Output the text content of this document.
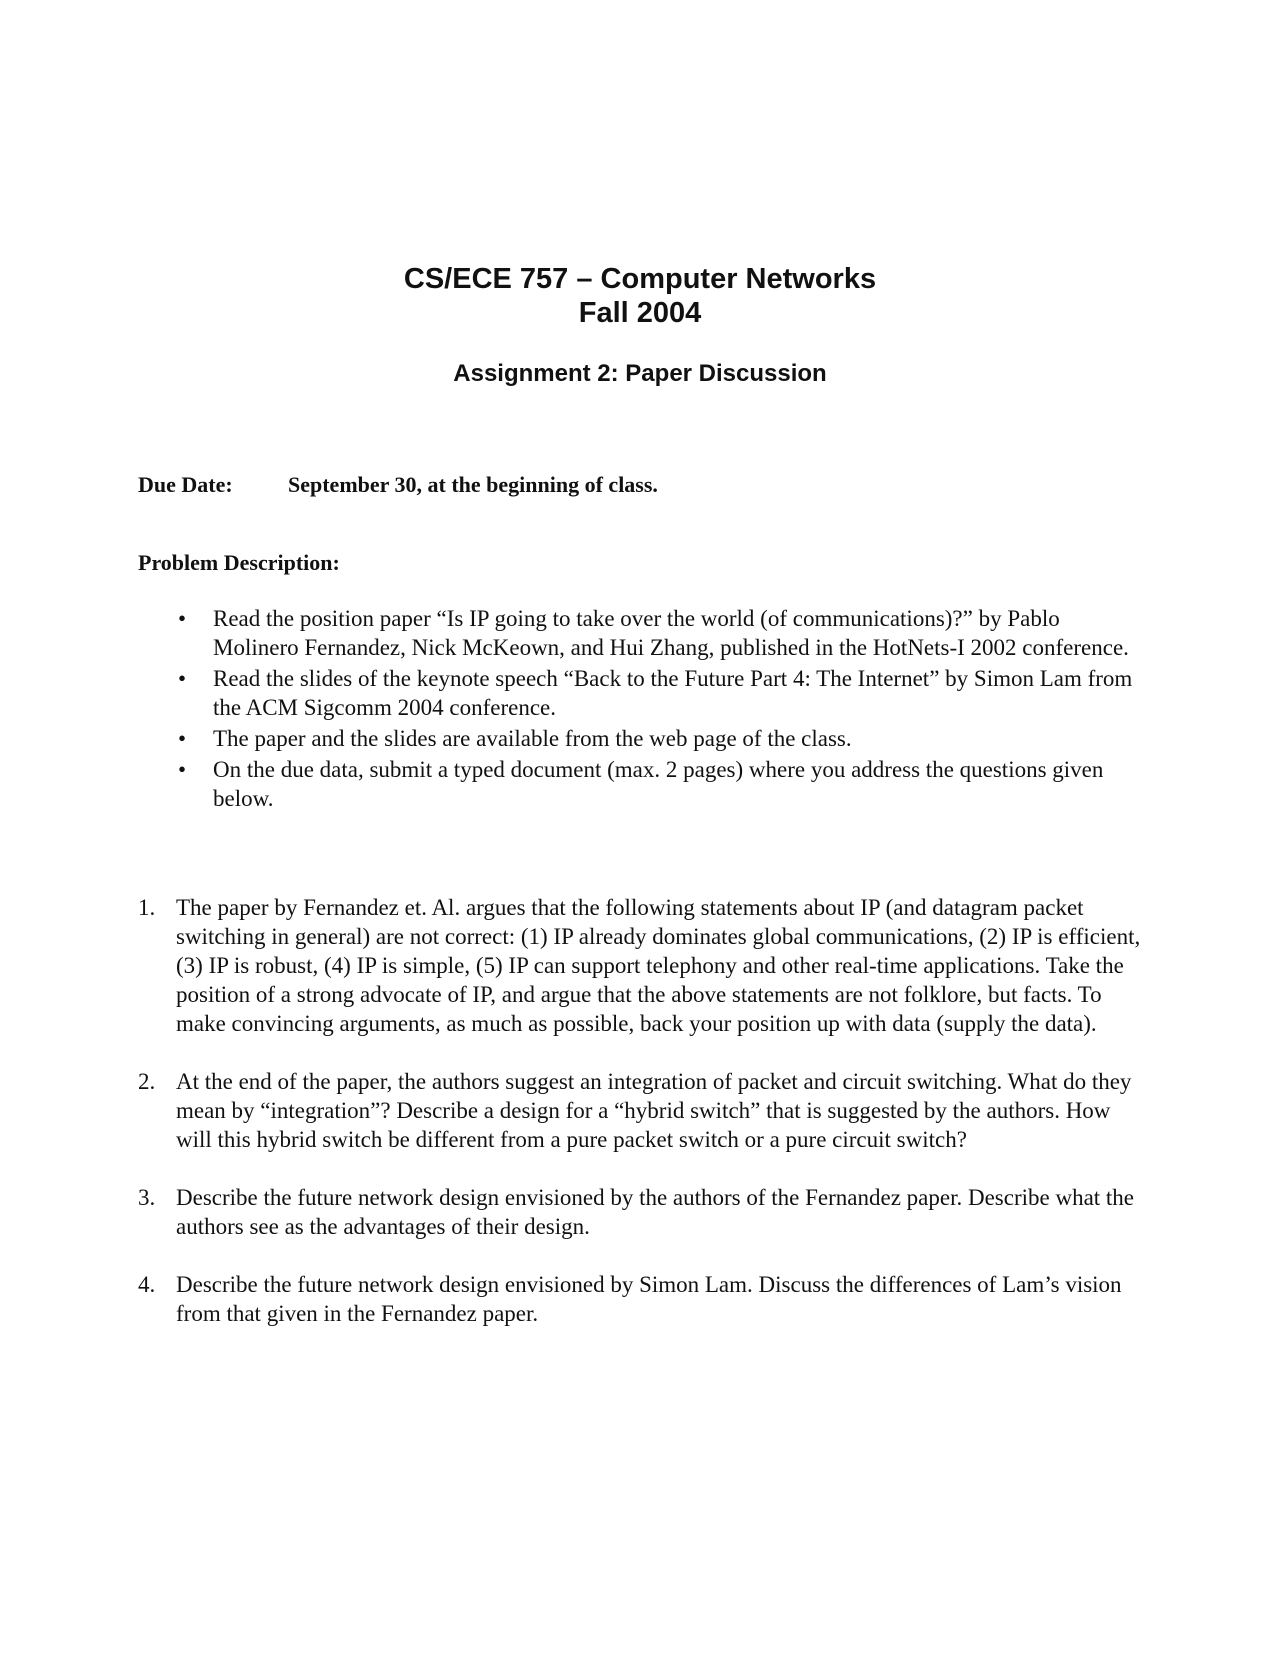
CS/ECE 757 – Computer Networks
Fall 2004
Assignment 2: Paper Discussion
Due Date:	September 30, at the beginning of class.
Problem Description:
• Read the position paper “Is IP going to take over the world (of communications)?” by Pablo Molinero Fernandez, Nick McKeown, and Hui Zhang, published in the HotNets-I 2002 conference.
• Read the slides of the keynote speech “Back to the Future Part 4: The Internet” by Simon Lam from the ACM Sigcomm 2004 conference.
• The paper and the slides are available from the web page of the class.
• On the due data, submit a typed document (max. 2 pages) where you address the questions given below.
1. The paper by Fernandez et. Al. argues that the following statements about IP (and datagram packet switching in general) are not correct: (1) IP already dominates global communications, (2) IP is efficient, (3) IP is robust, (4) IP is simple, (5) IP can support telephony and other real-time applications. Take the position of a strong advocate of IP, and argue that the above statements are not folklore, but facts. To make convincing arguments, as much as possible, back your position up with data (supply the data).
2. At the end of the paper, the authors suggest an integration of packet and circuit switching. What do they mean by “integration”? Describe a design for a “hybrid switch” that is suggested by the authors. How will this hybrid switch be different from a pure packet switch or a pure circuit switch?
3. Describe the future network design envisioned by the authors of the Fernandez paper. Describe what the authors see as the advantages of their design.
4. Describe the future network design envisioned by Simon Lam. Discuss the differences of Lam’s vision from that given in the Fernandez paper.
